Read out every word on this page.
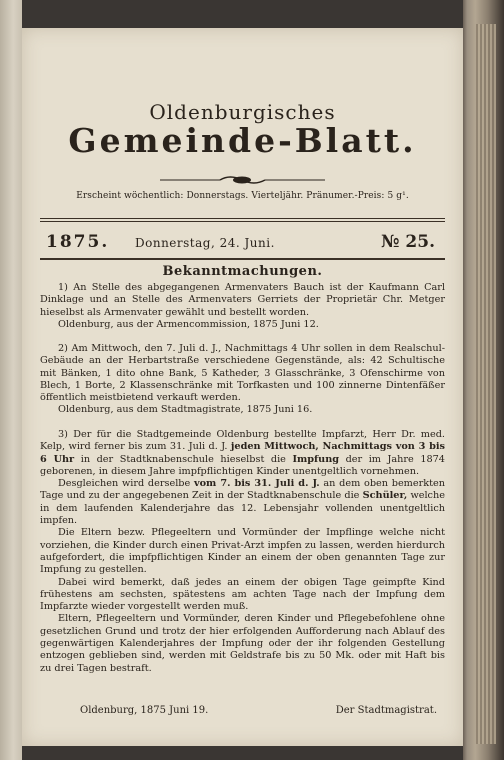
Oldenburgisches
Gemeinde-Blatt.
Erscheint wöchentlich: Donnerstags. Vierteljähr. Pränumer.-Preis: 5 g¹.
1875. Donnerstag, 24. Juni.	№ 25.
Bekanntmachungen.

1) An Stelle des abgegangenen Armenvaters Bauch ist der Kaufmann Carl Dinklage und an Stelle des Armenvaters Gerriets der Proprietär Chr. Metger hieselbst als Armenvater gewählt und bestellt worden.

Oldenburg, aus der Armencommission, 1875 Juni 12.

2) Am Mittwoch, den 7. Juli d. J., Nachmittags 4 Uhr sollen in dem Realschul-Gebäude an der Herbartstraße verschiedene Gegenstände, als: 42 Schultische mit Bänken, 1 dito ohne Bank, 5 Katheder, 3 Glasschränke, 3 Ofenschirme von Blech, 1 Borte, 2 Klassenschränke mit Torfkasten und 100 zinnerne Dintenfäßer öffentlich meistbietend verkauft werden.

Oldenburg, aus dem Stadtmagistrate, 1875 Juni 16.

3) Der für die Stadtgemeinde Oldenburg bestellte Impfarzt, Herr Dr. med. Kelp, wird ferner bis zum 31. Juli d. J. jeden Mittwoch, Nachmittags von 3 bis 6 Uhr in der Stadtknabenschule hieselbst die Impfung der im Jahre 1874 geborenen, in diesem Jahre impfpflichtigen Kinder unentgeltlich vornehmen.

Desgleichen wird derselbe vom 7. bis 31. Juli d. J. an dem oben bemerkten Tage und zu der angegebenen Zeit in der Stadtknabenschule die Schüler, welche in dem laufenden Kalenderjahre das 12. Lebensjahr vollenden unentgeltlich impfen.

Die Eltern bezw. Pflegeeltern und Vormünder der Impflinge welche nicht vorziehen, die Kinder durch einen Privat-Arzt impfen zu lassen, werden hierdurch aufgefordert, die impfpflichtigen Kinder an einem der oben genannten Tage zur Impfung zu gestellen.

Dabei wird bemerkt, daß jedes an einem der obigen Tage geimpfte Kind frühestens am sechsten, spätestens am achten Tage nach der Impfung dem Impfarzte wieder vorgestellt werden muß.

Eltern, Pflegeeltern und Vormünder, deren Kinder und Pflegebefohlene ohne gesetzlichen Grund und trotz der hier erfolgenden Aufforderung nach Ablauf des gegenwärtigen Kalenderjahres der Impfung oder der ihr folgenden Gestellung entzogen geblieben sind, werden mit Geldstrafe bis zu 50 Mk. oder mit Haft bis zu drei Tagen bestraft.

Oldenburg, 1875 Juni 19.	Der Stadtmagistrat.
